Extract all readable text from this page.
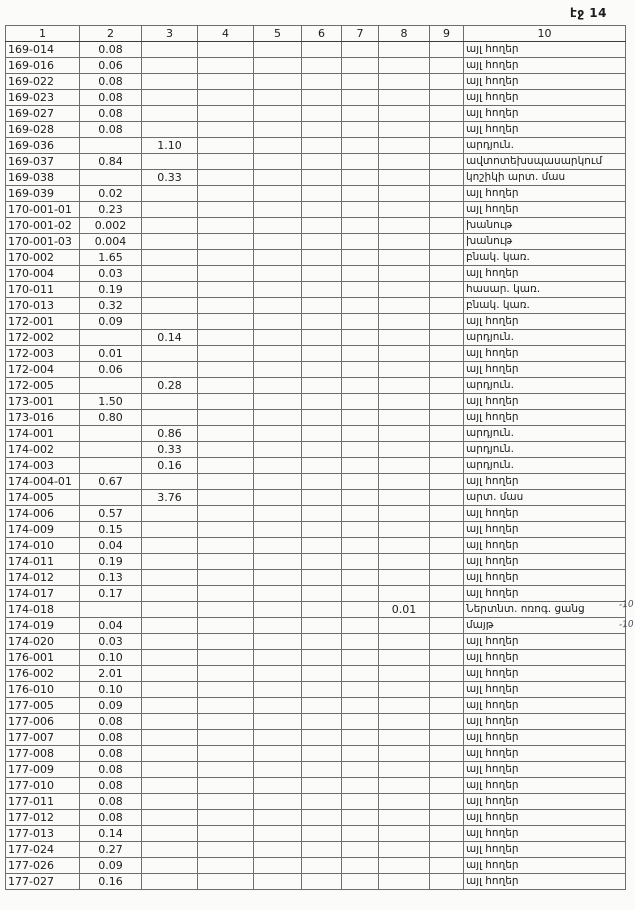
էջ 14
1	2	3	4	5	6	7	8	9	10
169-014	0.08								այլ հողեր
169-016	0.06								այլ հողեր
169-022	0.08								այլ հողեր
169-023	0.08								այլ հողեր
169-027	0.08								այլ հողեր
169-028	0.08								այլ հողեր
169-036		1.10							արդյուն.
169-037	0.84								ավտոտեխսպասարկում
169-038		0.33							կոշիկի արտ. մաս
169-039	0.02								այլ հողեր
170-001-01	0.23								այլ հողեր
170-001-02	0.002								խանութ
170-001-03	0.004								խանութ
170-002	1.65								բնակ. կառ.
170-004	0.03								այլ հողեր
170-011	0.19								հասար. կառ.
170-013	0.32								բնակ. կառ.
172-001	0.09								այլ հողեր
172-002		0.14							արդյուն.
172-003	0.01								այլ հողեր
172-004	0.06								այլ հողեր
172-005		0.28							արդյուն.
173-001	1.50								այլ հողեր
173-016	0.80								այլ հողեր
174-001		0.86							արդյուն.
174-002		0.33							արդյուն.
174-003		0.16							արդյուն.
174-004-01	0.67								այլ հողեր
174-005		3.76							արտ. մաս
174-006	0.57								այլ հողեր
174-009	0.15								այլ հողեր
174-010	0.04								այլ հողեր
174-011	0.19								այլ հողեր
174-012	0.13								այլ հողեր
174-017	0.17								այլ հողեր
174-018							0.01		Ներտնտ. ոռոգ. ցանց
174-019	0.04								մայթ
174-020	0.03								այլ հողեր
176-001	0.10								այլ հողեր
176-002	2.01								այլ հողեր
176-010	0.10								այլ հողեր
177-005	0.09								այլ հողեր
177-006	0.08								այլ հողեր
177-007	0.08								այլ հողեր
177-008	0.08								այլ հողեր
177-009	0.08								այլ հողեր
177-010	0.08								այլ հողեր
177-011	0.08								այլ հողեր
177-012	0.08								այլ հողեր
177-013	0.14								այլ հողեր
177-024	0.27								այլ հողեր
177-026	0.09								այլ հողեր
177-027	0.16								այլ հողեր
-10
-10
